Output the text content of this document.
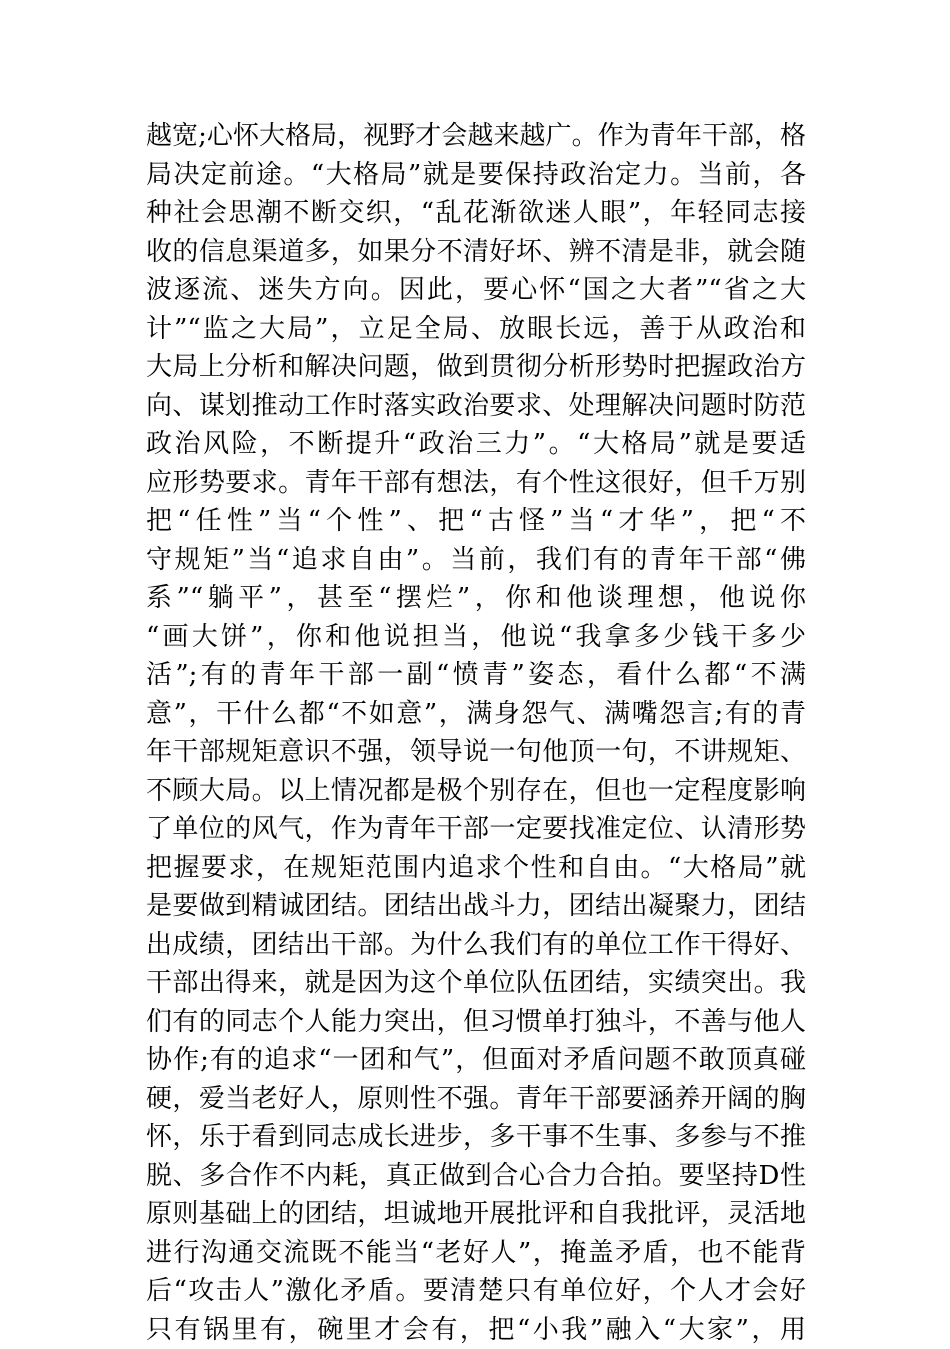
越宽;心怀大格局，视野才会越来越广。作为青年干部，格
局决定前途。“大格局”就是要保持政治定力。当前，各
种社会思潮不断交织，“乱花渐欲迷人眼”，年轻同志接
收的信息渠道多，如果分不清好坏、辨不清是非，就会随
波逐流、迷失方向。因此，要心怀“国之大者”“省之大
计”“监之大局”，立足全局、放眼长远，善于从政治和
大局上分析和解决问题，做到贯彻分析形势时把握政治方
向、谋划推动工作时落实政治要求、处理解决问题时防范
政治风险，不断提升“政治三力”。“大格局”就是要适
应形势要求。青年干部有想法，有个性这很好，但千万别
把“任性”当“个性”、把“古怪”当“才华”，把“不
守规矩”当“追求自由”。当前，我们有的青年干部“佛
系”“躺平”，甚至“摆烂”，你和他谈理想，他说你
“画大饼”，你和他说担当，他说“我拿多少钱干多少
活”;有的青年干部一副“愤青”姿态，看什么都“不满
意”，干什么都“不如意”，满身怨气、满嘴怨言;有的青
年干部规矩意识不强，领导说一句他顶一句，不讲规矩、
不顾大局。以上情况都是极个别存在，但也一定程度影响
了单位的风气，作为青年干部一定要找准定位、认清形势
把握要求，在规矩范围内追求个性和自由。“大格局”就
是要做到精诚团结。团结出战斗力，团结出凝聚力，团结
出成绩，团结出干部。为什么我们有的单位工作干得好、
干部出得来，就是因为这个单位队伍团结，实绩突出。我
们有的同志个人能力突出，但习惯单打独斗，不善与他人
协作;有的追求“一团和气”，但面对矛盾问题不敢顶真碰
硬，爱当老好人，原则性不强。青年干部要涵养开阔的胸
怀，乐于看到同志成长进步，多干事不生事、多参与不推
脱、多合作不内耗，真正做到合心合力合拍。要坚持D性
原则基础上的团结，坦诚地开展批评和自我批评，灵活地
进行沟通交流既不能当“老好人”，掩盖矛盾，也不能背
后“攻击人”激化矛盾。要清楚只有单位好，个人才会好
只有锅里有，碗里才会有，把“小我”融入“大家”，用
